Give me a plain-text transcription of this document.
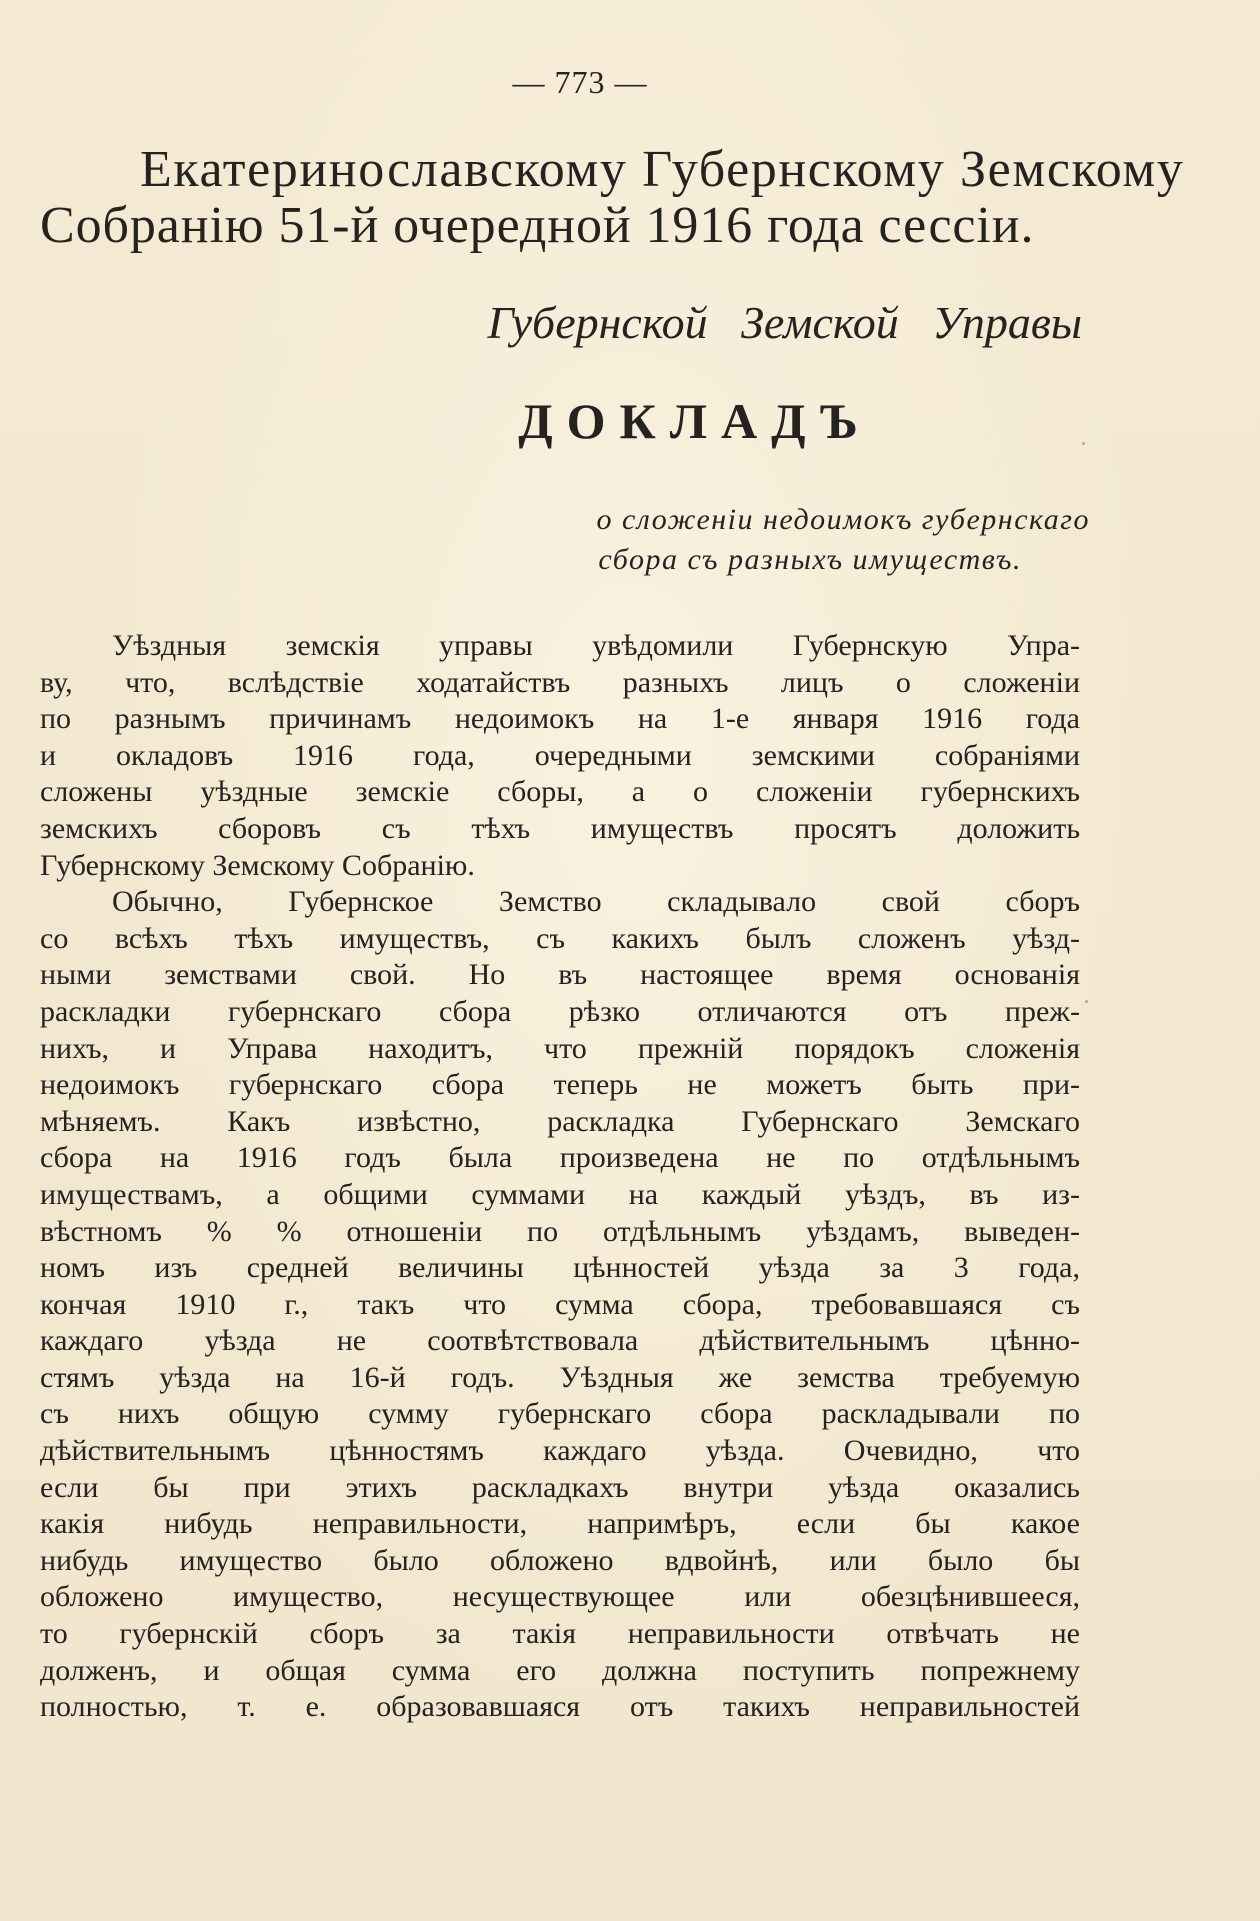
— 773 —
Екатеринославскому Губернскому Земскому
Собранію 51-й очередной 1916 года сессіи.
Губернской Земской Управы
ДОКЛАДЪ
о сложеніи недоимокъ губернскаго
сбора съ разныхъ имуществъ.
Уѣздныя земскія управы увѣдомили Губернскую Упра-
ву, что, вслѣдствіе ходатайствъ разныхъ лицъ о сложеніи
по разнымъ причинамъ недоимокъ на 1-е января 1916 года
и окладовъ 1916 года, очередными земскими собраніями
сложены уѣздные земскіе сборы, а о сложеніи губернскихъ
земскихъ сборовъ съ тѣхъ имуществъ просятъ доложить
Губернскому Земскому Собранію.
Обычно, Губернское Земство складывало свой сборъ
со всѣхъ тѣхъ имуществъ, съ какихъ былъ сложенъ уѣзд-
ными земствами свой. Но въ настоящее время основанія
раскладки губернскаго сбора рѣзко отличаются отъ преж-
нихъ, и Управа находитъ, что прежній порядокъ сложенія
недоимокъ губернскаго сбора теперь не можетъ быть при-
мѣняемъ. Какъ извѣстно, раскладка Губернскаго Земскаго
сбора на 1916 годъ была произведена не по отдѣльнымъ
имуществамъ, а общими суммами на каждый уѣздъ, въ из-
вѣстномъ % % отношеніи по отдѣльнымъ уѣздамъ, выведен-
номъ изъ средней величины цѣнностей уѣзда за 3 года,
кончая 1910 г., такъ что сумма сбора, требовавшаяся съ
каждаго уѣзда не соотвѣтствовала дѣйствительнымъ цѣнно-
стямъ уѣзда на 16-й годъ. Уѣздныя же земства требуемую
съ нихъ общую сумму губернскаго сбора раскладывали по
дѣйствительнымъ цѣнностямъ каждаго уѣзда. Очевидно, что
если бы при этихъ раскладкахъ внутри уѣзда оказались
какія нибудь неправильности, напримѣръ, если бы какое
нибудь имущество было обложено вдвойнѣ, или было бы
обложено имущество, несуществующее или обезцѣнившееся,
то губернскій сборъ за такія неправильности отвѣчать не
долженъ, и общая сумма его должна поступить попрежнему
полностью, т. е. образовавшаяся отъ такихъ неправильностей
